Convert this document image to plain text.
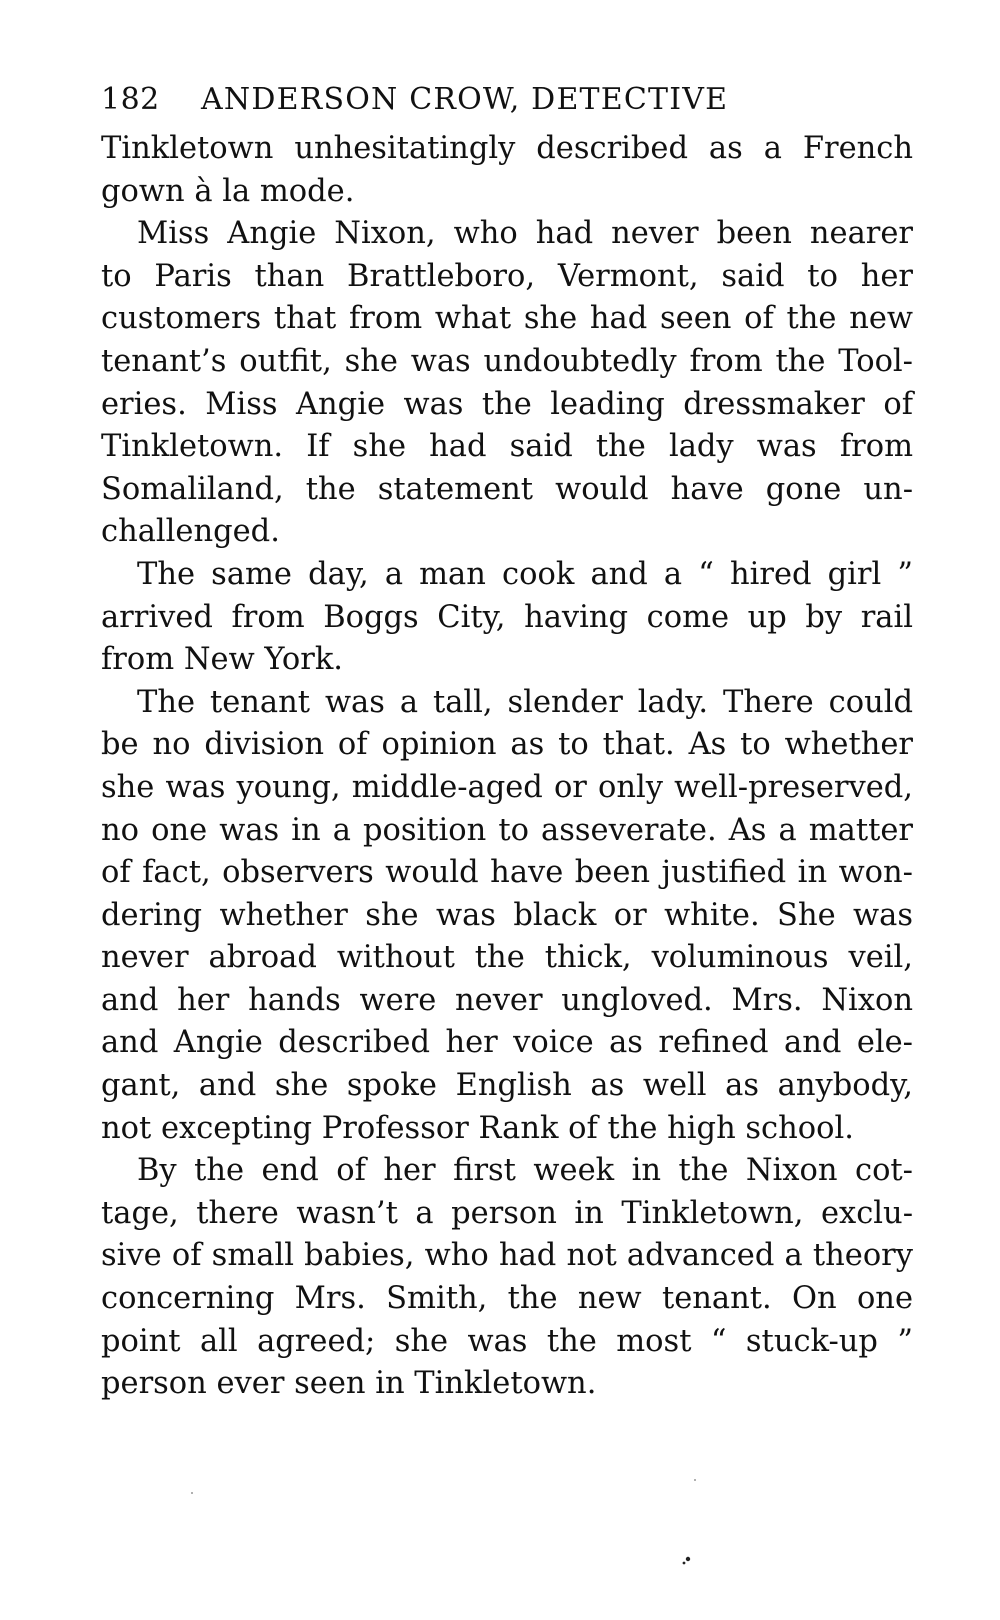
182	ANDERSON CROW, DETECTIVE

Tinkletown unhesitatingly described as a French
gown à la mode.

Miss Angie Nixon, who had never been nearer
to Paris than Brattleboro, Vermont, said to her
customers that from what she had seen of the new
tenant’s outfit, she was undoubtedly from the Tool-
eries. Miss Angie was the leading dressmaker of
Tinkletown. If she had said the lady was from
Somaliland, the statement would have gone un-
challenged.

The same day, a man cook and a “ hired girl ”
arrived from Boggs City, having come up by rail
from New York.

The tenant was a tall, slender lady. There could
be no division of opinion as to that. As to whether
she was young, middle-aged or only well-preserved,
no one was in a position to asseverate. As a matter
of fact, observers would have been justified in won-
dering whether she was black or white. She was
never abroad without the thick, voluminous veil,
and her hands were never ungloved. Mrs. Nixon
and Angie described her voice as refined and ele-
gant, and she spoke English as well as anybody,
not excepting Professor Rank of the high school.

By the end of her first week in the Nixon cot-
tage, there wasn’t a person in Tinkletown, exclu-
sive of small babies, who had not advanced a theory
concerning Mrs. Smith, the new tenant. On one
point all agreed; she was the most “ stuck-up ”
person ever seen in Tinkletown.
